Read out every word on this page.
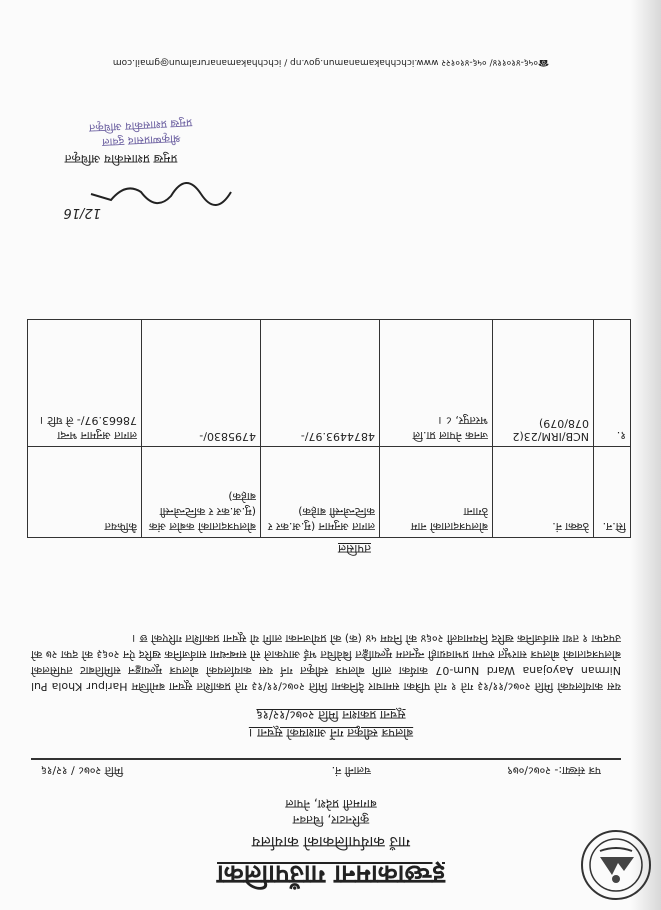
इच्छाकामना गाउँपालिका
गाउँ कार्यपालिकाको कार्यालय
कुरिनटार, चितवन
बागमती प्रदेश, नेपाल
पत्र संख्या:- २०७८/०७९
चलानी नं.
मिति २०७८ / १२/१६
बोलपत्र स्वीकृत गर्ने आशयको सूचना ।
सूचना प्रकाशन मिति २०७८/१२/१६
यस कार्यालयको मिति २०७८/११/१३ गते १ गते पत्रिका समाचार दैनिकमा मिति २०७८/११/१३ गते प्रकाशित सूचना बमोजिम Haripur Khola Pul Nirman Aayojana Ward Num-07 कार्यका लागि बोलपत्र स्वीकृत गर्न यस कार्यालयको बोलपत्र मूल्याङ्कन समितिबाट तपसिलको बोलपत्रदाताको बोलपत्र सारभूत रुपमा प्रभावग्राही न्यूनतम मूल्याङ्कित बिवेचित भई आएकाले सो सम्बन्धमा सार्वजनिक खरिद ऐन २०६३ को दफा २७ को उपदफा १ तथा सार्वजनिक खरिद नियमावली २०६४ को नियम ५४ (क) को प्रयोजनका लागि यो सूचना प्रकाशित गरिएको छ ।
तपसिल
सि.न.	ठेक्का नं.	बोलपत्रदाताको नाम ठेगाना	लागत अनुमान (मु.अ.कर र कन्टिन्जेन्सी बाहेक)	बोलपत्रदाताको कबोल अंक (मु.अ.कर र कन्टिन्जेन्सी बाहेक)	कैफियत
१.	NCB/IRM/23(2 078/079)	जनक नेपाल प्रा.लि भरतपुर, ८ ।	4874493.97/-	4795830/-	लागत अनुमान भन्दा 78663.97/- ले घटि ।
12/16
प्रमुख प्रशासकीय अधिकृत
श्रीकृष्णप्रसाद दुवाल
प्रमुख प्रशासकीय अधिकृत
☎०५६-४१०११४/ ०५६-४१०१२२ www.ichchhakamanamun.gov.np / ichchhakamanaruralmun@gmail.com
